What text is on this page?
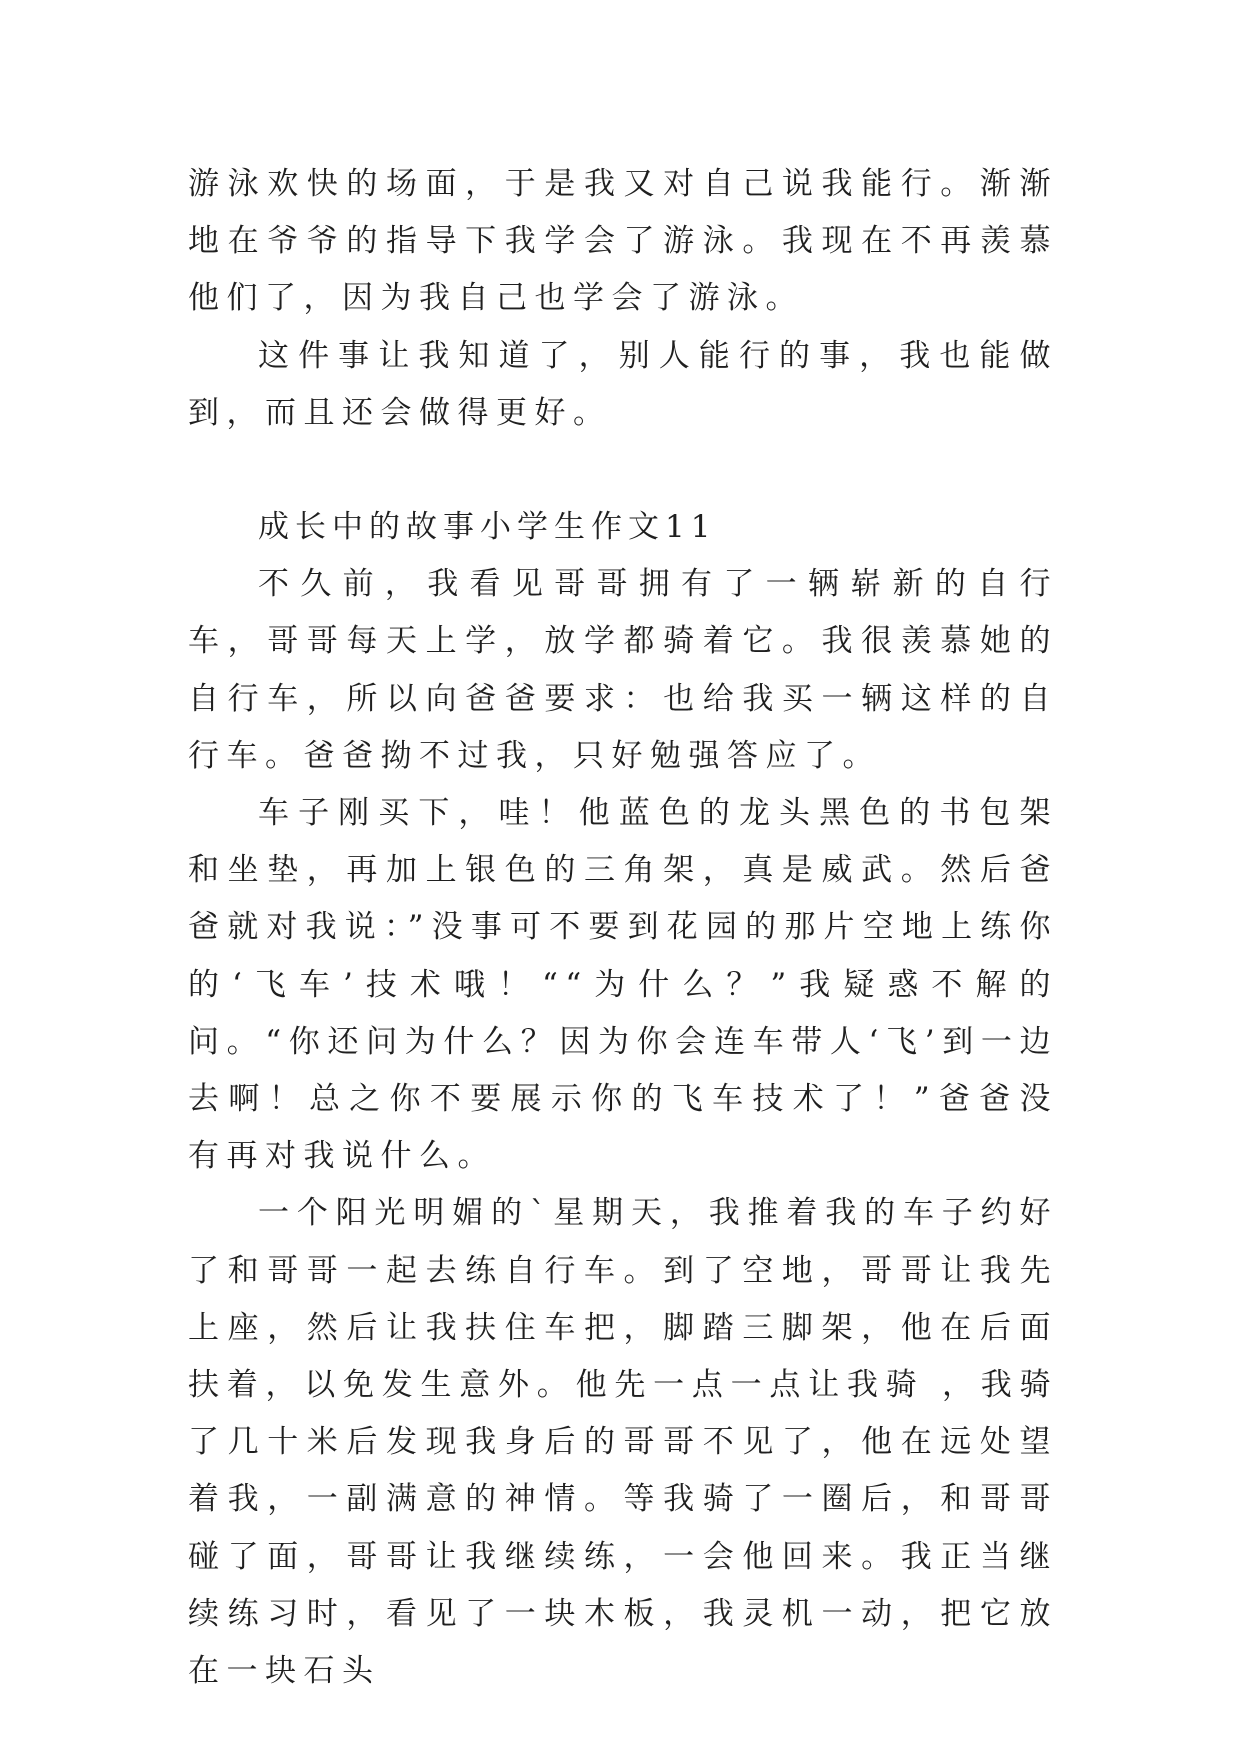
游泳欢快的场面，于是我又对自己说我能行。渐渐地在爷爷的指导下我学会了游泳。我现在不再羡慕他们了，因为我自己也学会了游泳。

这件事让我知道了，别人能行的事，我也能做到，而且还会做得更好。

成长中的故事小学生作文11

不久前，我看见哥哥拥有了一辆崭新的自行车，哥哥每天上学，放学都骑着它。我很羡慕她的自行车，所以向爸爸要求：也给我买一辆这样的自行车。爸爸拗不过我，只好勉强答应了。

车子刚买下，哇！他蓝色的龙头黑色的书包架和坐垫，再加上银色的三角架，真是威武。然后爸爸就对我说：”没事可不要到花园的那片空地上练你的‘飞车’技术哦！““为什么？”我疑惑不解的问。“你还问为什么？因为你会连车带人‘飞’到一边去啊！总之你不要展示你的飞车技术了！”爸爸没有再对我说什么。

一个阳光明媚的`星期天，我推着我的车子约好了和哥哥一起去练自行车。到了空地，哥哥让我先上座，然后让我扶住车把，脚踏三脚架，他在后面扶着，以免发生意外。他先一点一点让我骑 ，我骑了几十米后发现我身后的哥哥不见了，他在远处望着我，一副满意的神情。等我骑了一圈后，和哥哥碰了面，哥哥让我继续练，一会他回来。我正当继续练习时，看见了一块木板，我灵机一动，把它放在一块石头
